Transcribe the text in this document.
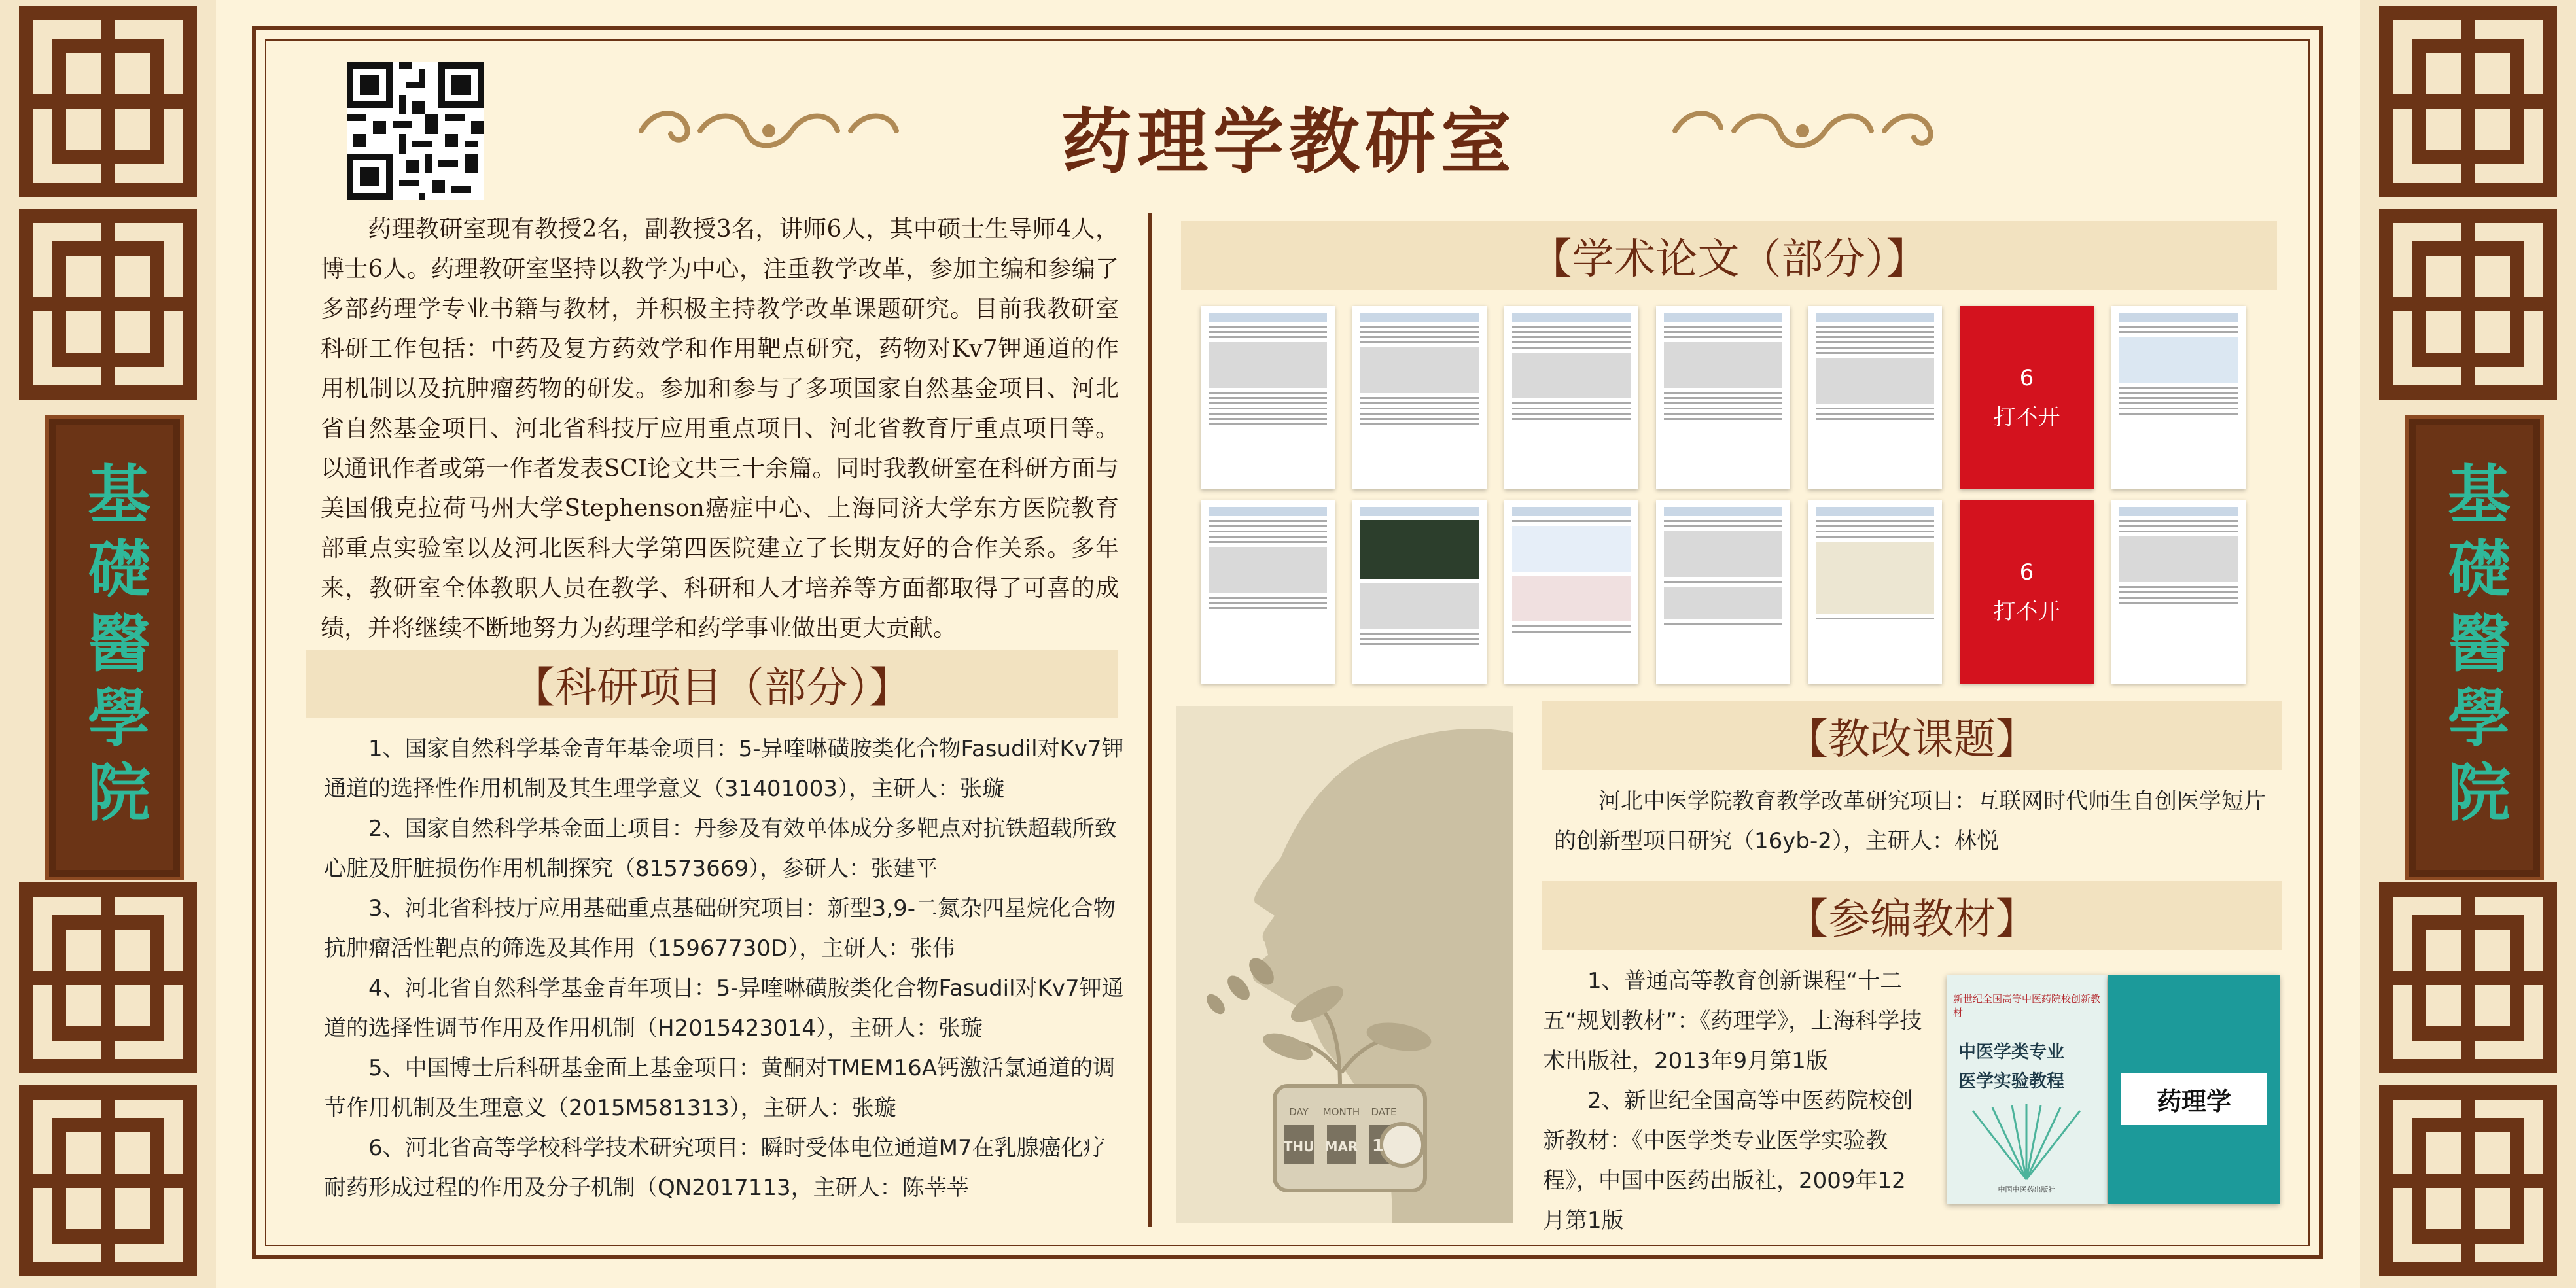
基礎醫學院	基礎醫學院
药理学教研室
药理教研室现有教授2名，副教授3名，讲师6人，其中硕士生导师4人，博士6人。药理教研室坚持以教学为中心，注重教学改革，参加主编和参编了多部药理学专业书籍与教材，并积极主持教学改革课题研究。目前我教研室科研工作包括：中药及复方药效学和作用靶点研究，药物对Kv7钾通道的作用机制以及抗肿瘤药物的研发。参加和参与了多项国家自然基金项目、河北省自然基金项目、河北省科技厅应用重点项目、河北省教育厅重点项目等。以通讯作者或第一作者发表SCI论文共三十余篇。同时我教研室在科研方面与美国俄克拉荷马州大学Stephenson癌症中心、上海同济大学东方医院教育部重点实验室以及河北医科大学第四医院建立了长期友好的合作关系。多年来，教研室全体教职人员在教学、科研和人才培养等方面都取得了可喜的成绩，并将继续不断地努力为药理学和药学事业做出更大贡献。
【科研项目（部分）】

1、国家自然科学基金青年基金项目：5-异喹啉磺胺类化合物Fasudil对Kv7钾通道的选择性作用机制及其生理学意义（31401003），主研人：张璇

2、国家自然科学基金面上项目：丹参及有效单体成分多靶点对抗铁超载所致心脏及肝脏损伤作用机制探究（81573669），参研人：张建平

3、河北省科技厅应用基础重点基础研究项目：新型3,9-二氮杂四星烷化合物抗肿瘤活性靶点的筛选及其作用（15967730D），主研人：张伟

4、河北省自然科学基金青年项目：5-异喹啉磺胺类化合物Fasudil对Kv7钾通道的选择性调节作用及作用机制（H2015423014），主研人：张璇

5、中国博士后科研基金面上基金项目：黄酮对TMEM16A钙激活氯通道的调节作用机制及生理意义（2015M581313），主研人：张璇

6、河北省高等学校科学技术研究项目：瞬时受体电位通道M7在乳腺癌化疗耐药形成过程的作用及分子机制（QN2017113，主研人：陈莘莘

【学术论文（部分）】
6
打不开
6
打不开
DAY MONTH DATE
THU MAR 15
【教改课题】

河北中医学院教育教学改革研究项目：互联网时代师生自创医学短片的创新型项目研究（16yb-2），主研人：林悦

【参编教材】

1、普通高等教育创新课程“十二五“规划教材”：《药理学》，上海科学技术出版社，2013年9月第1版

2、新世纪全国高等中医药院校创新教材：《中医学类专业医学实验教程》，中国中医药出版社，2009年12月第1版

新世纪全国高等中医药院校创新教材
中医学类专业
医学实验教程
中国中医药出版社
药理学
